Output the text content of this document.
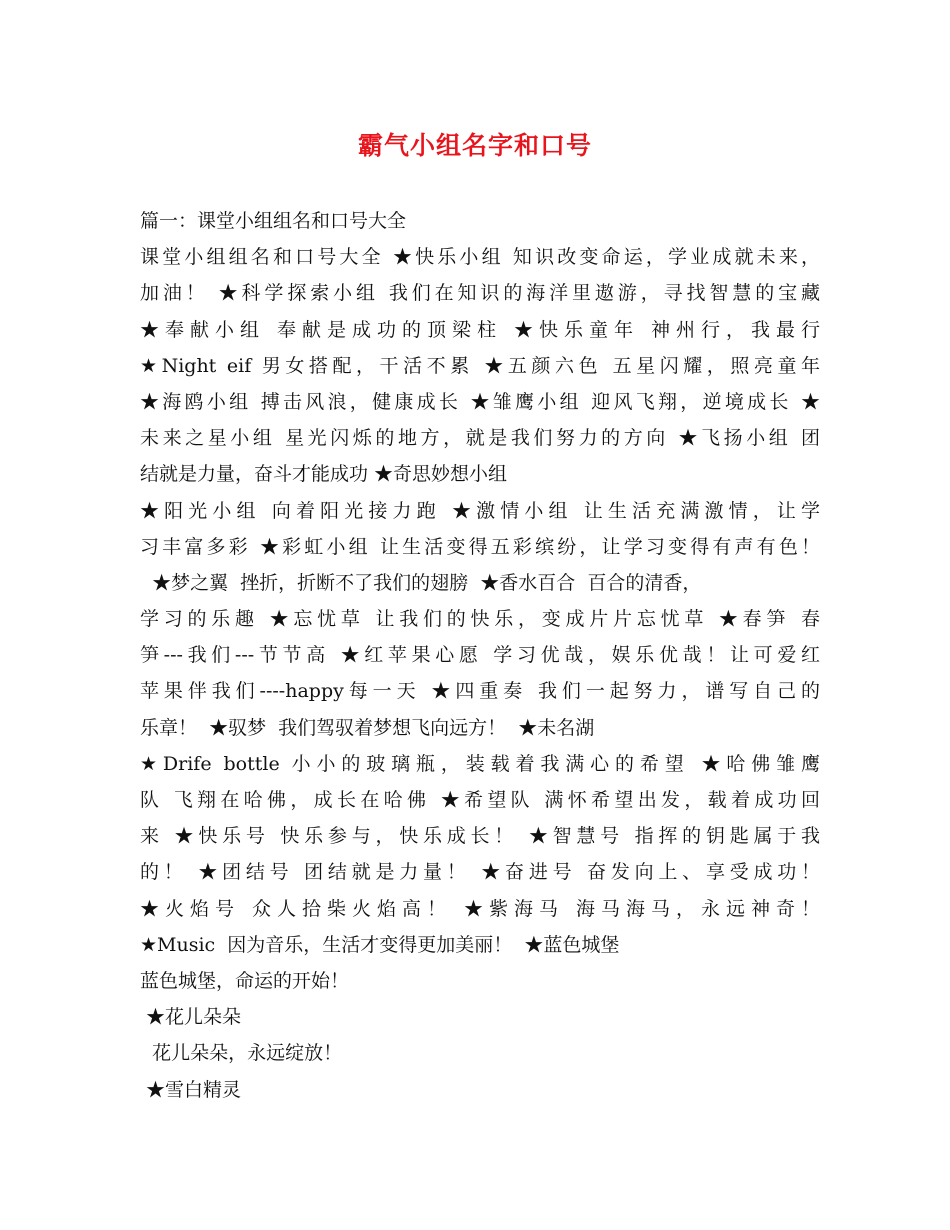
霸气小组名字和口号
篇一：课堂小组组名和口号大全
课堂小组组名和口号大全 ★快乐小组 知识改变命运，学业成就未来，
加油！ ★科学探索小组 我们在知识的海洋里遨游，寻找智慧的宝藏
★奉献小组 奉献是成功的顶梁柱 ★快乐童年 神州行，我最行
★Night eif 男女搭配，干活不累 ★五颜六色 五星闪耀，照亮童年
★海鸥小组 搏击风浪，健康成长 ★雏鹰小组 迎风飞翔，逆境成长 ★
未来之星小组 星光闪烁的地方，就是我们努力的方向 ★飞扬小组 团
结就是力量，奋斗才能成功 ★奇思妙想小组
★阳光小组 向着阳光接力跑 ★激情小组 让生活充满激情，让学
习丰富多彩 ★彩虹小组 让生活变得五彩缤纷，让学习变得有声有色！
★梦之翼  挫折，折断不了我们的翅膀  ★香水百合  百合的清香，
学习的乐趣 ★忘忧草 让我们的快乐，变成片片忘忧草 ★春笋 春
笋---我们---节节高 ★红苹果心愿 学习优哉，娱乐优哉！让可爱红
苹果伴我们----happy每一天 ★四重奏 我们一起努力，谱写自己的
乐章！  ★驭梦  我们驾驭着梦想飞向远方！  ★未名湖
★Drife bottle 小小的玻璃瓶，装载着我满心的希望 ★哈佛雏鹰
队 飞翔在哈佛，成长在哈佛 ★希望队 满怀希望出发，载着成功回
来 ★快乐号 快乐参与，快乐成长！ ★智慧号 指挥的钥匙属于我
的！ ★团结号 团结就是力量！ ★奋进号 奋发向上、享受成功！
★火焰号 众人拾柴火焰高！ ★紫海马 海马海马，永远神奇！
★Music  因为音乐，生活才变得更加美丽！  ★蓝色城堡
蓝色城堡，命运的开始！
★花儿朵朵
花儿朵朵，永远绽放！
★雪白精灵
